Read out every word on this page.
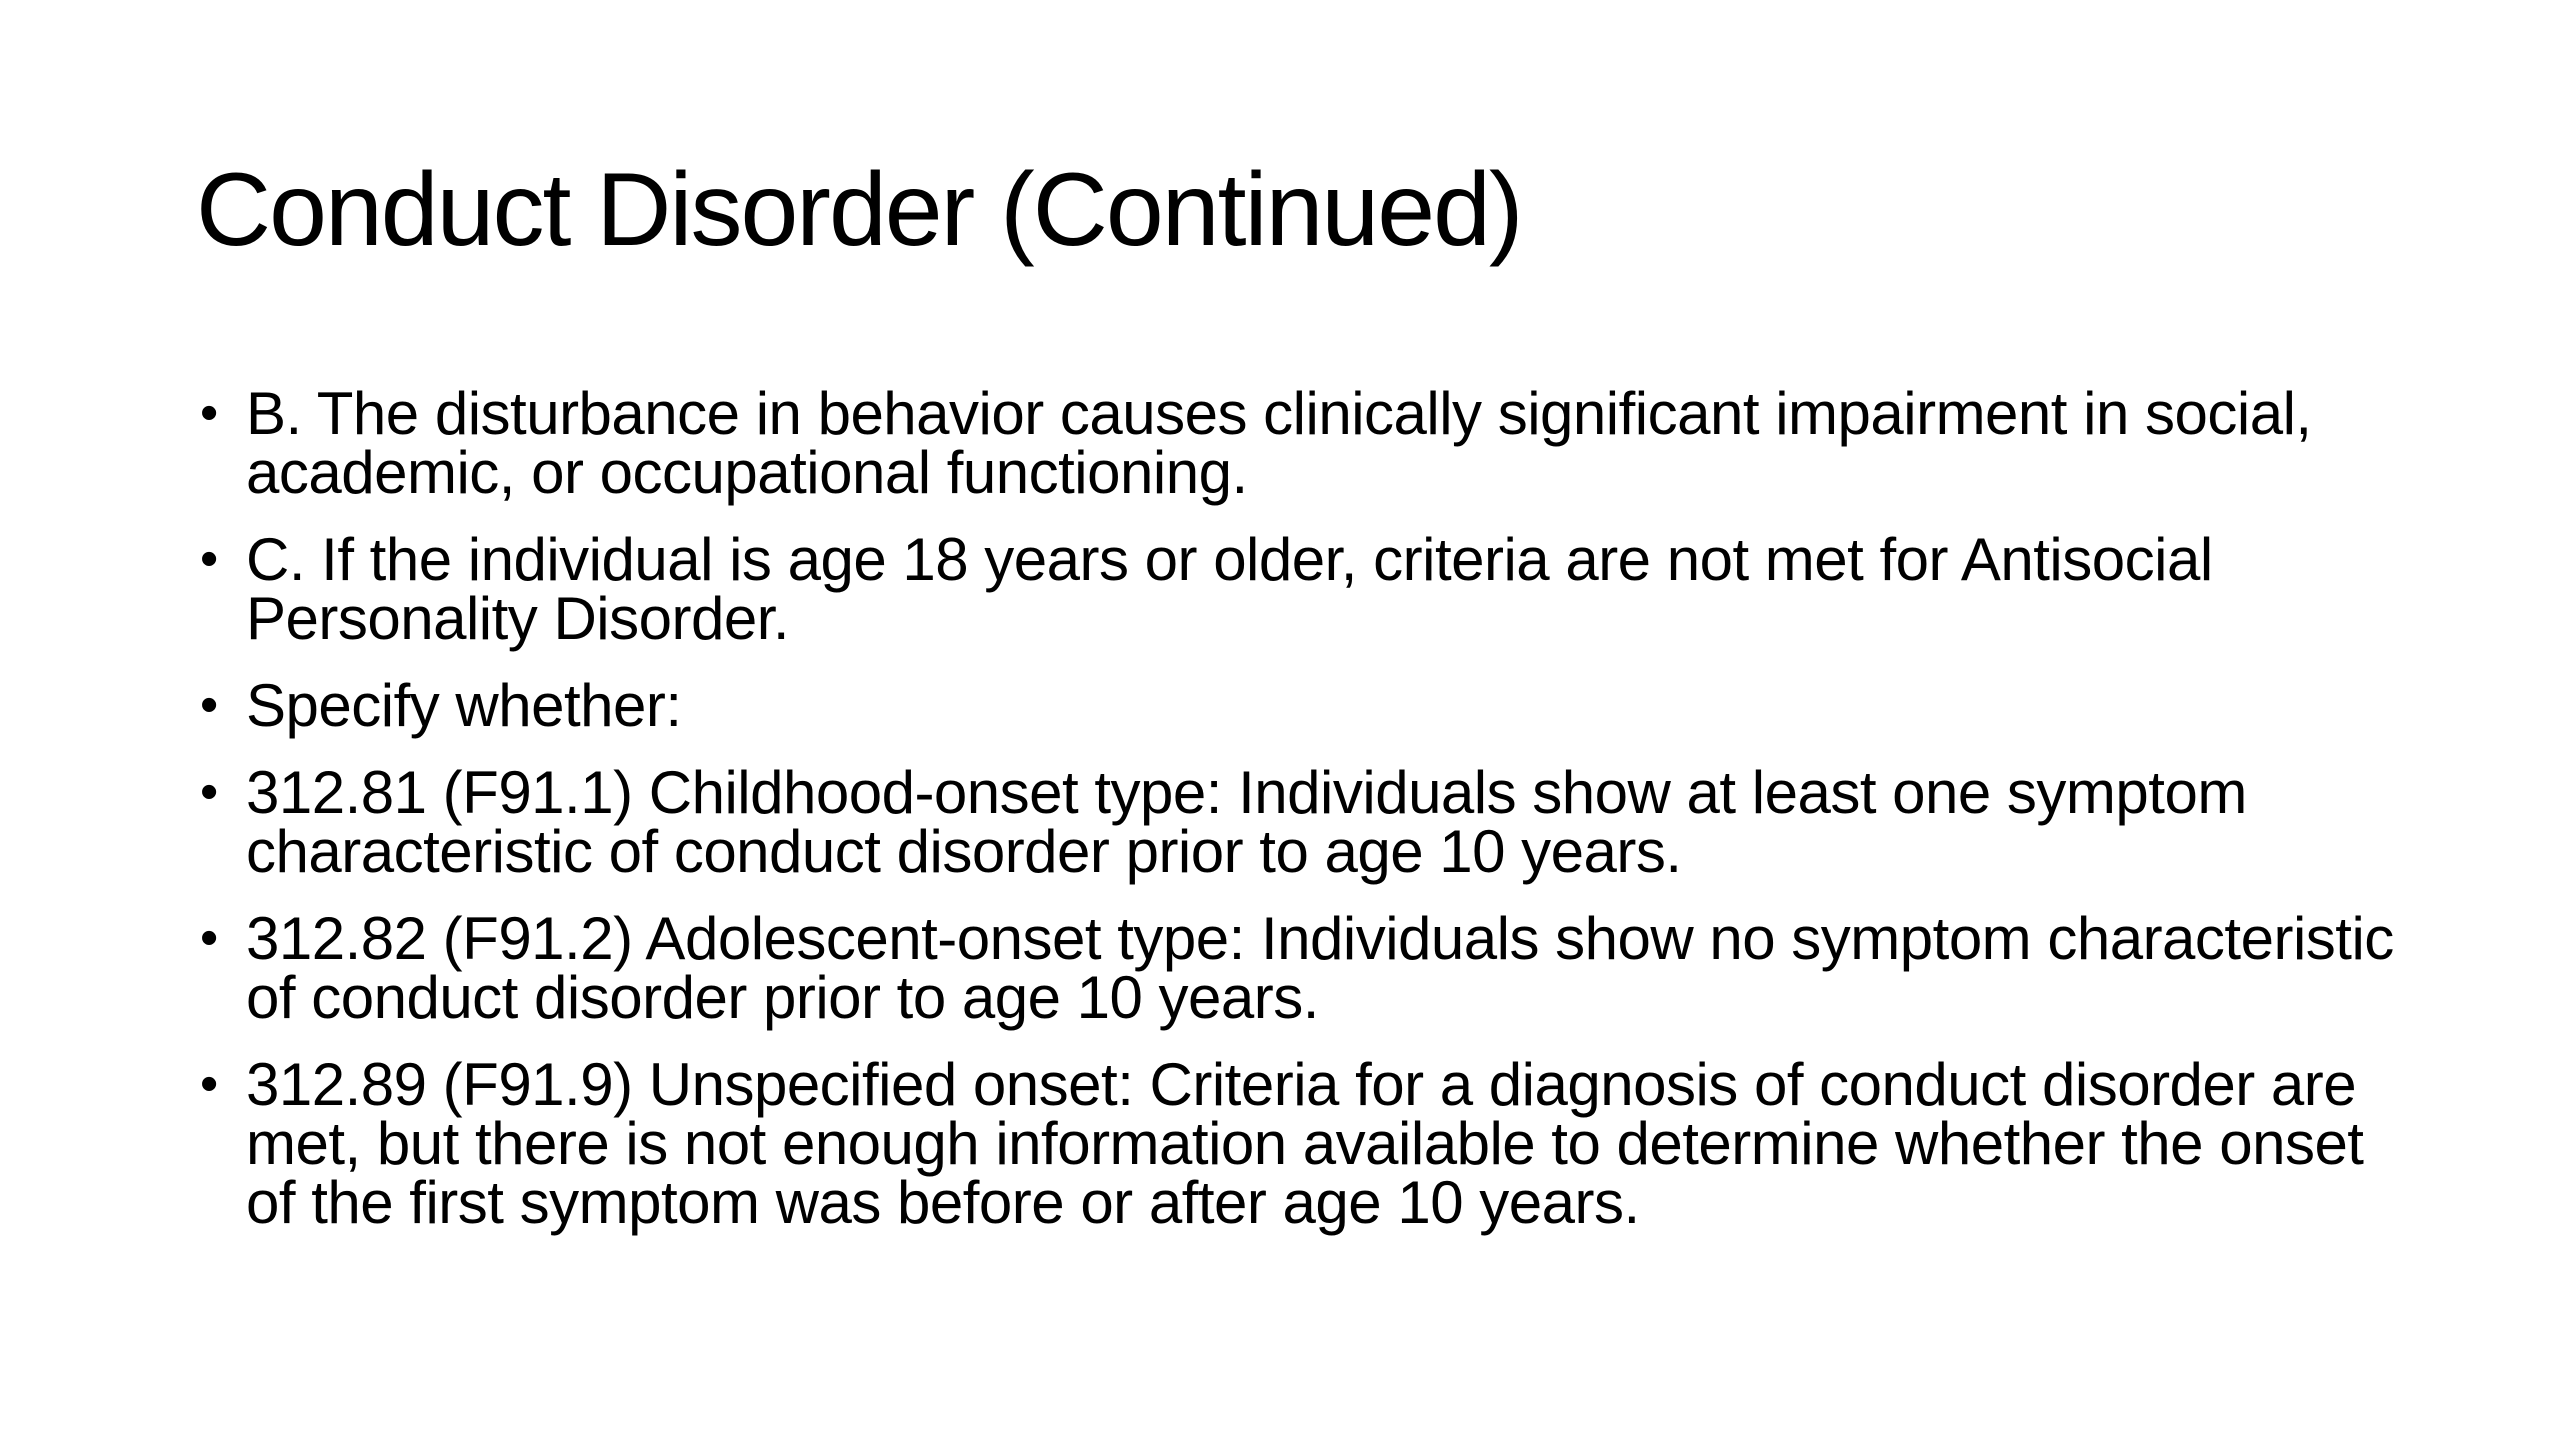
Conduct Disorder (Continued)
• B. The disturbance in behavior causes clinically significant impairment in social, academic, or occupational functioning.
• C. If the individual is age 18 years or older, criteria are not met for Antisocial Personality Disorder.
• Specify whether:
• 312.81 (F91.1) Childhood-onset type: Individuals show at least one symptom characteristic of conduct disorder prior to age 10 years.
• 312.82 (F91.2) Adolescent-onset type: Individuals show no symptom characteristic of conduct disorder prior to age 10 years.
• 312.89 (F91.9) Unspecified onset: Criteria for a diagnosis of conduct disorder are met, but there is not enough information available to determine whether the onset of the first symptom was before or after age 10 years.
